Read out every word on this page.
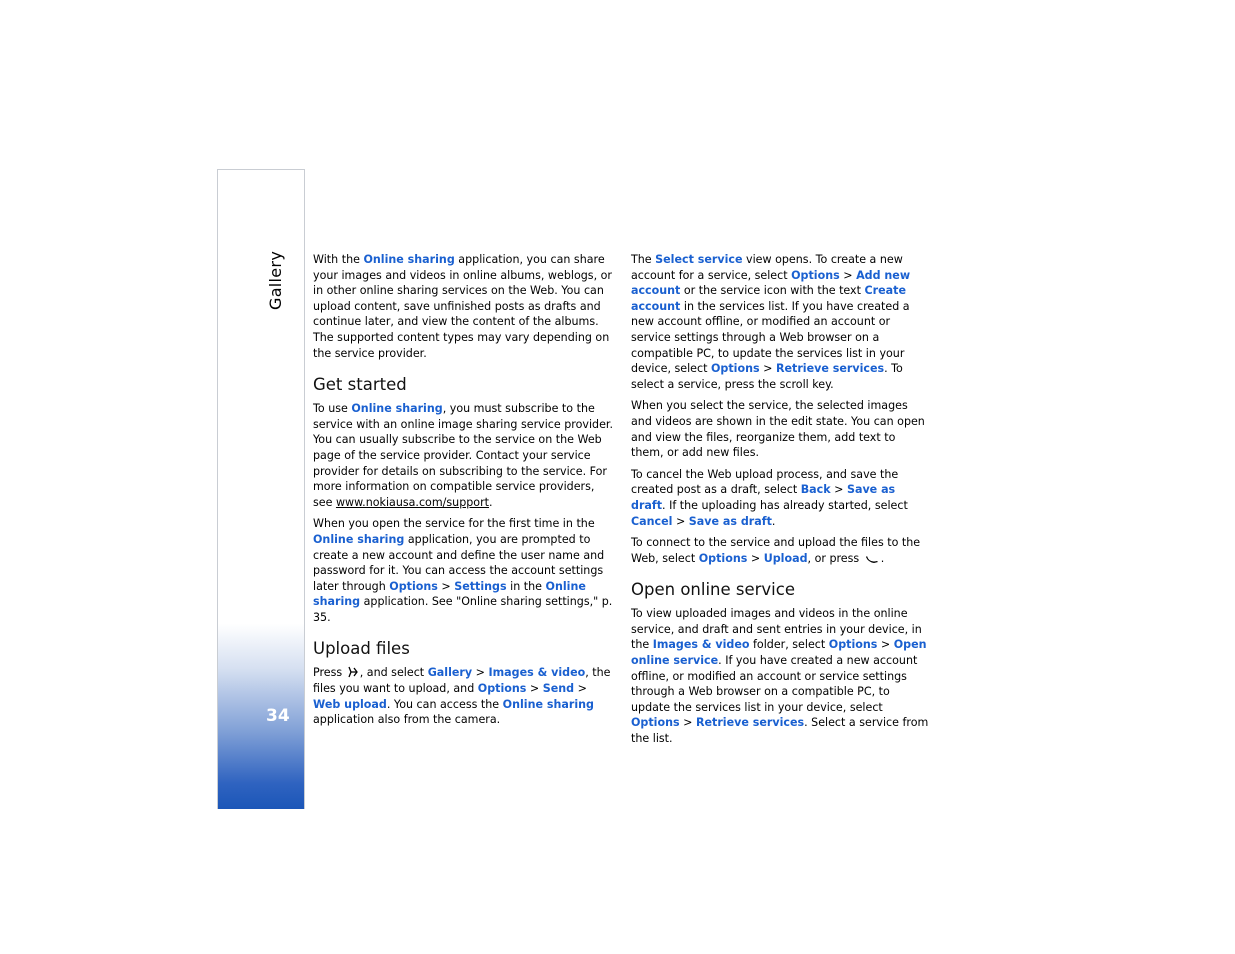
Gallery
34

With the Online sharing application, you can share your images and videos in online albums, weblogs, or in other online sharing services on the Web. You can upload content, save unfinished posts as drafts and continue later, and view the content of the albums. The supported content types may vary depending on the service provider.

Get started

To use Online sharing, you must subscribe to the service with an online image sharing service provider. You can usually subscribe to the service on the Web page of the service provider. Contact your service provider for details on subscribing to the service. For more information on compatible service providers, see www.nokiausa.com/support.

When you open the service for the first time in the Online sharing application, you are prompted to create a new account and define the user name and password for it. You can access the account settings later through Options > Settings in the Online sharing application. See "Online sharing settings," p. 35.

Upload files

Press , and select Gallery > Images & video, the files you want to upload, and Options > Send > Web upload. You can access the Online sharing application also from the camera.

The Select service view opens. To create a new account for a service, select Options > Add new account or the service icon with the text Create account in the services list. If you have created a new account offline, or modified an account or service settings through a Web browser on a compatible PC, to update the services list in your device, select Options > Retrieve services. To select a service, press the scroll key.

When you select the service, the selected images and videos are shown in the edit state. You can open and view the files, reorganize them, add text to them, or add new files.

To cancel the Web upload process, and save the created post as a draft, select Back > Save as draft. If the uploading has already started, select Cancel > Save as draft.

To connect to the service and upload the files to the Web, select Options > Upload, or press .

Open online service

To view uploaded images and videos in the online service, and draft and sent entries in your device, in the Images & video folder, select Options > Open online service. If you have created a new account offline, or modified an account or service settings through a Web browser on a compatible PC, to update the services list in your device, select Options > Retrieve services. Select a service from the list.
